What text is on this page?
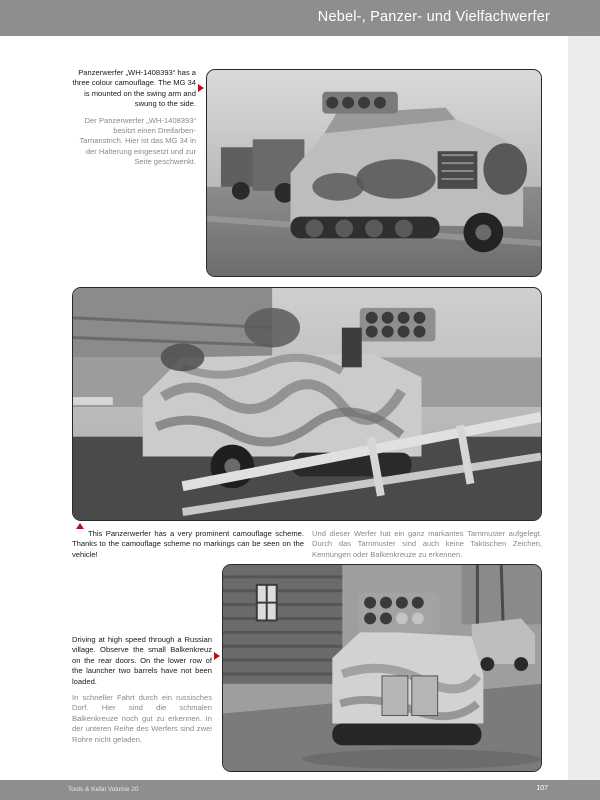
Nebel-, Panzer- und Vielfachwerfer
Panzerwerfer „WH-1408393“ has a three colour camouflage. The MG 34 is mounted on the swing arm and swung to the side.
Der Panzerwerfer „WH-1408393“ besitzt einen Dreifarben-Tarnanstrich. Hier ist das MG 34 in der Halterung eingesetzt und zur Seite geschwenkt.
This Panzerwerfer has a very prominent camouflage scheme. Thanks to the camouflage scheme no markings can be seen on the vehicle!
Und dieser Werfer hat ein ganz markantes Tarnmuster aufgelegt. Durch das Tarnmuster sind auch keine Taktischen Zeichen, Kennungen oder Balkenkreuze zu erkennen.
Driving at high speed through a Russian village. Observe the small Balkenkreuz on the rear doors. On the lower row of the launcher two barrels have not been loaded.
In schneller Fahrt durch ein russisches Dorf. Hier sind die schmalen Balkenkreuze noch gut zu erkennen. In der unteren Reihe des Werfers sind zwei Rohre nicht geladen.
Tools & Kefal Volume 20	107
